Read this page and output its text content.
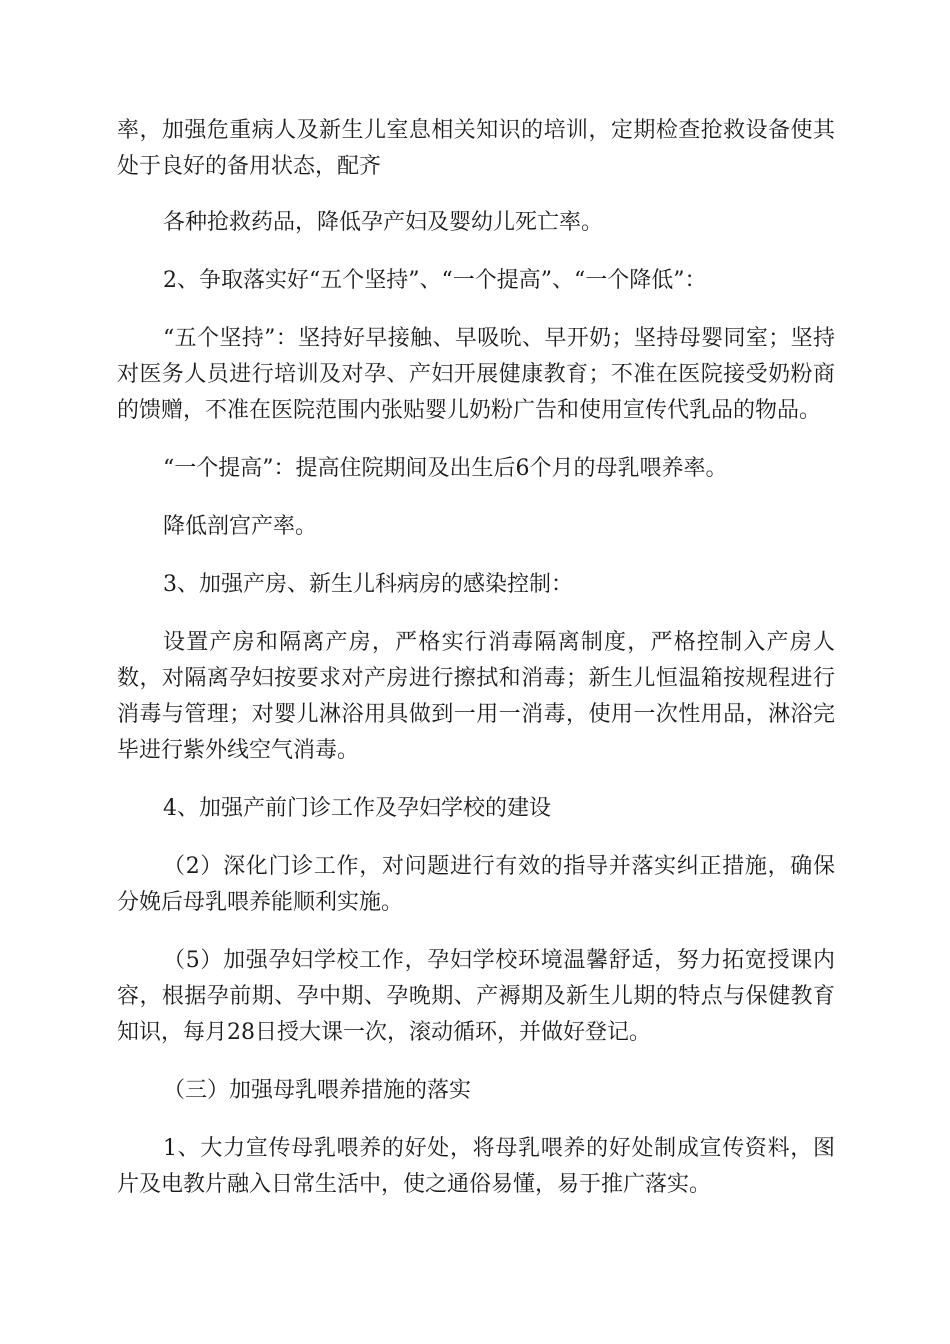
率，加强危重病人及新生儿室息相关知识的培训，定期检查抢救设备使其处于良好的备用状态，配齐

各种抢救药品，降低孕产妇及婴幼儿死亡率。

2、争取落实好“五个坚持”、“一个提高”、“一个降低”：

“五个坚持”：坚持好早接触、早吸吮、早开奶；坚持母婴同室；坚持对医务人员进行培训及对孕、产妇开展健康教育；不准在医院接受奶粉商的馈赠，不准在医院范围内张贴婴儿奶粉广告和使用宣传代乳品的物品。

“一个提高”：提高住院期间及出生后6个月的母乳喂养率。

降低剖宫产率。

3、加强产房、新生儿科病房的感染控制：

设置产房和隔离产房，严格实行消毒隔离制度，严格控制入产房人数，对隔离孕妇按要求对产房进行擦拭和消毒；新生儿恒温箱按规程进行消毒与管理；对婴儿淋浴用具做到一用一消毒，使用一次性用品，淋浴完毕进行紫外线空气消毒。

4、加强产前门诊工作及孕妇学校的建设

（2）深化门诊工作，对问题进行有效的指导并落实纠正措施，确保分娩后母乳喂养能顺利实施。

（5）加强孕妇学校工作，孕妇学校环境温馨舒适，努力拓宽授课内容，根据孕前期、孕中期、孕晚期、产褥期及新生儿期的特点与保健教育知识，每月28日授大课一次，滚动循环，并做好登记。

（三）加强母乳喂养措施的落实

1、大力宣传母乳喂养的好处，将母乳喂养的好处制成宣传资料，图片及电教片融入日常生活中，使之通俗易懂，易于推广落实。
